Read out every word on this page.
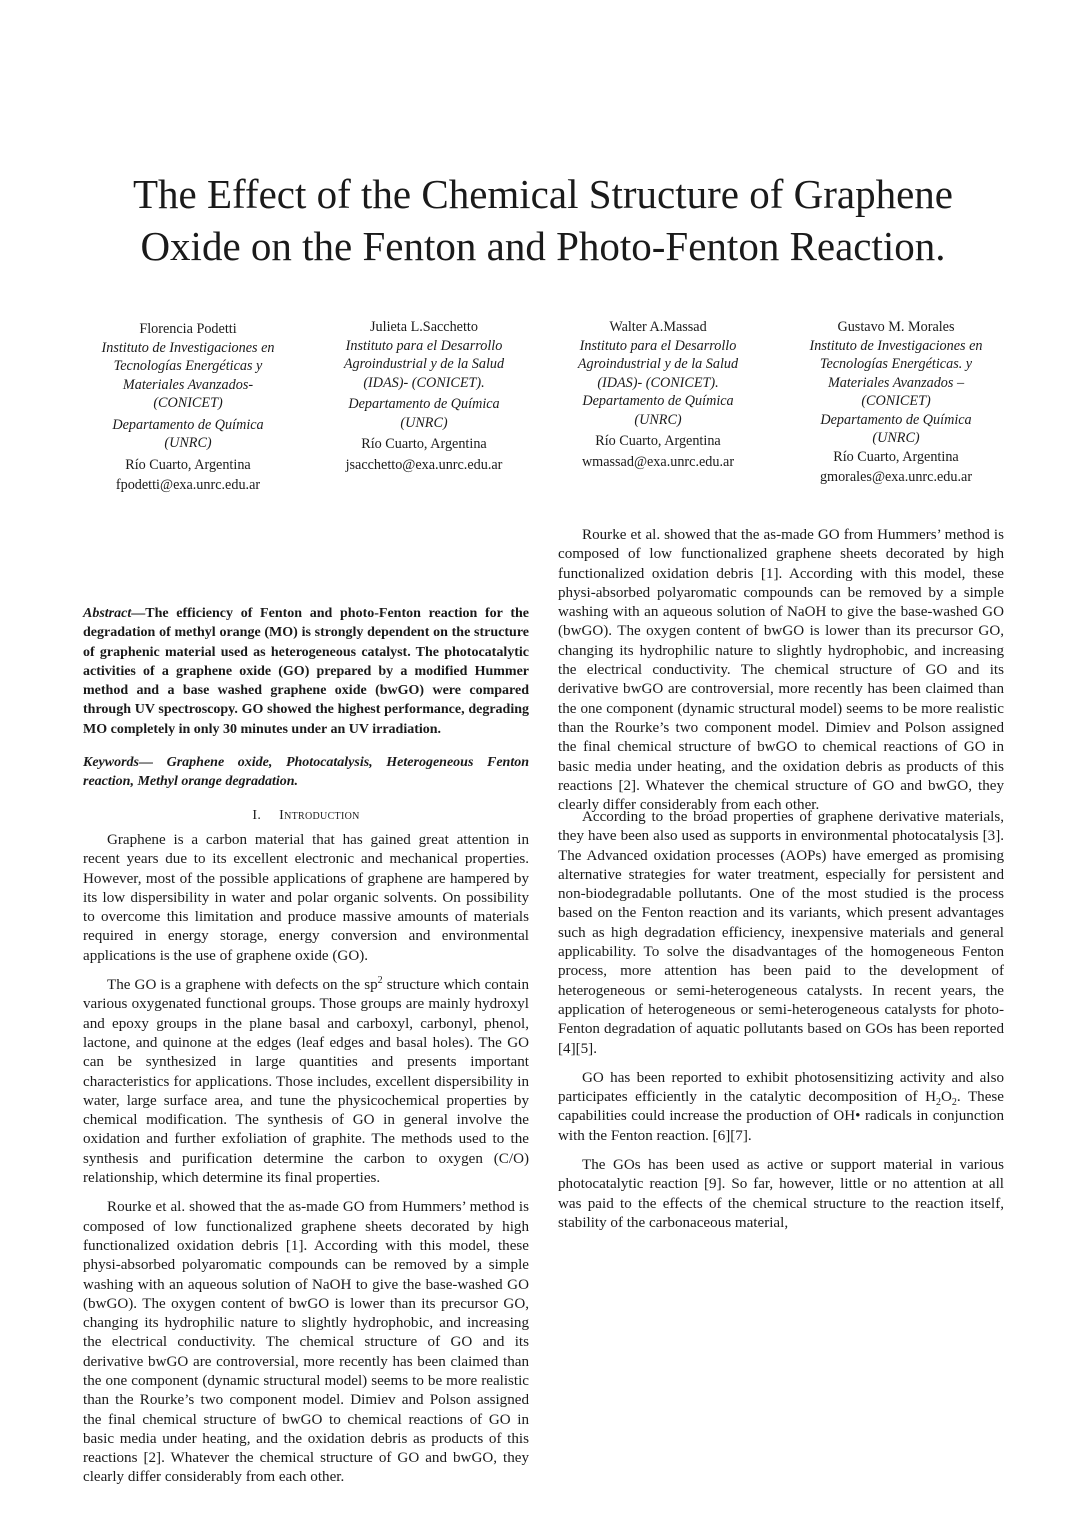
The Effect of the Chemical Structure of Graphene
Oxide on the Fenton and Photo-Fenton Reaction.
Florencia Podetti
Instituto de Investigaciones en
Tecnologías Energéticas y
Materiales Avanzados-
(CONICET)
Departamento de Química
(UNRC)
Río Cuarto, Argentina
fpodetti@exa.unrc.edu.ar
Julieta L.Sacchetto
Instituto para el Desarrollo
Agroindustrial y de la Salud
(IDAS)- (CONICET).
Departamento de Química
(UNRC)
Río Cuarto, Argentina
jsacchetto@exa.unrc.edu.ar
Walter A.Massad
Instituto para el Desarrollo
Agroindustrial y de la Salud
(IDAS)- (CONICET).
Departamento de Química
(UNRC)
Río Cuarto, Argentina
wmassad@exa.unrc.edu.ar
Gustavo M. Morales
Instituto de Investigaciones en
Tecnologías Energéticas. y
Materiales Avanzados –
(CONICET)
Departamento de Química
(UNRC)
Río Cuarto, Argentina
gmorales@exa.unrc.edu.ar

Abstract—The efficiency of Fenton and photo-Fenton reaction for the degradation of methyl orange (MO) is strongly dependent on the structure of graphenic material used as heterogeneous catalyst. The photocatalytic activities of a graphene oxide (GO) prepared by a modified Hummer method and a base washed graphene oxide (bwGO) were compared through UV spectroscopy. GO showed the highest performance, degrading MO completely in only 30 minutes under an UV irradiation.

Keywords— Graphene oxide, Photocatalysis, Heterogeneous Fenton reaction, Methyl orange degradation.

I. Introduction

Graphene is a carbon material that has gained great attention in recent years due to its excellent electronic and mechanical properties. However, most of the possible applications of graphene are hampered by its low dispersibility in water and polar organic solvents. On possibility to overcome this limitation and produce massive amounts of materials required in energy storage, energy conversion and environmental applications is the use of graphene oxide (GO).

The GO is a graphene with defects on the $sp^2$ structure which contain various oxygenated functional groups. Those groups are mainly hydroxyl and epoxy groups in the plane basal and carboxyl, carbonyl, phenol, lactone, and quinone at the edges (leaf edges and basal holes). The GO can be synthesized in large quantities and presents important characteristics for applications. Those includes, excellent dispersibility in water, large surface area, and tune the physicochemical properties by chemical modification. The synthesis of GO in general involve the oxidation and further exfoliation of graphite. The methods used to the synthesis and purification determine the carbon to oxygen (C/O) relationship, which determine its final properties.

Rourke et al. showed that the as-made GO from Hummers’ method is composed of low functionalized graphene sheets decorated by high functionalized oxidation debris [1]. According with this model, these physi-absorbed polyaromatic compounds can be removed by a simple washing with an aqueous solution of NaOH to give the base-washed GO (bwGO). The oxygen content of bwGO is lower than its precursor GO, changing its hydrophilic nature to slightly hydrophobic, and increasing the electrical conductivity. The chemical structure of GO and its derivative bwGO are controversial, more recently has been claimed than the one component (dynamic structural model) seems to be more realistic than the Rourke’s two component model. Dimiev and Polson assigned the final chemical structure of bwGO to chemical reactions of GO in basic media under heating, and the oxidation debris as products of this reactions [2]. Whatever the chemical structure of GO and bwGO, they clearly differ considerably from each other.

Rourke et al. showed that the as-made GO from Hummers’ method is composed of low functionalized graphene sheets decorated by high functionalized oxidation debris [1]. According with this model, these physi-absorbed polyaromatic compounds can be removed by a simple washing with an aqueous solution of NaOH to give the base-washed GO (bwGO). The oxygen content of bwGO is lower than its precursor GO, changing its hydrophilic nature to slightly hydrophobic, and increasing the electrical conductivity. The chemical structure of GO and its derivative bwGO are controversial, more recently has been claimed than the one component (dynamic structural model) seems to be more realistic than the Rourke’s two component model. Dimiev and Polson assigned the final chemical structure of bwGO to chemical reactions of GO in basic media under heating, and the oxidation debris as products of this reactions [2]. Whatever the chemical structure of GO and bwGO, they clearly differ considerably from each other.

According to the broad properties of graphene derivative materials, they have been also used as supports in environmental photocatalysis [3]. The Advanced oxidation processes (AOPs) have emerged as promising alternative strategies for water treatment, especially for persistent and non-biodegradable pollutants. One of the most studied is the process based on the Fenton reaction and its variants, which present advantages such as high degradation efficiency, inexpensive materials and general applicability. To solve the disadvantages of the homogeneous Fenton process, more attention has been paid to the development of heterogeneous or semi-heterogeneous catalysts. In recent years, the application of heterogeneous or semi-heterogeneous catalysts for photo-Fenton degradation of aquatic pollutants based on GOs has been reported [4][5].

GO has been reported to exhibit photosensitizing activity and also participates efficiently in the catalytic decomposition of $H_2O_2$. These capabilities could increase the production of OH• radicals in conjunction with the Fenton reaction. [6][7].

The GOs has been used as active or support material in various photocatalytic reaction [9]. So far, however, little or no attention at all was paid to the effects of the chemical structure to the reaction itself, stability of the carbonaceous material,
